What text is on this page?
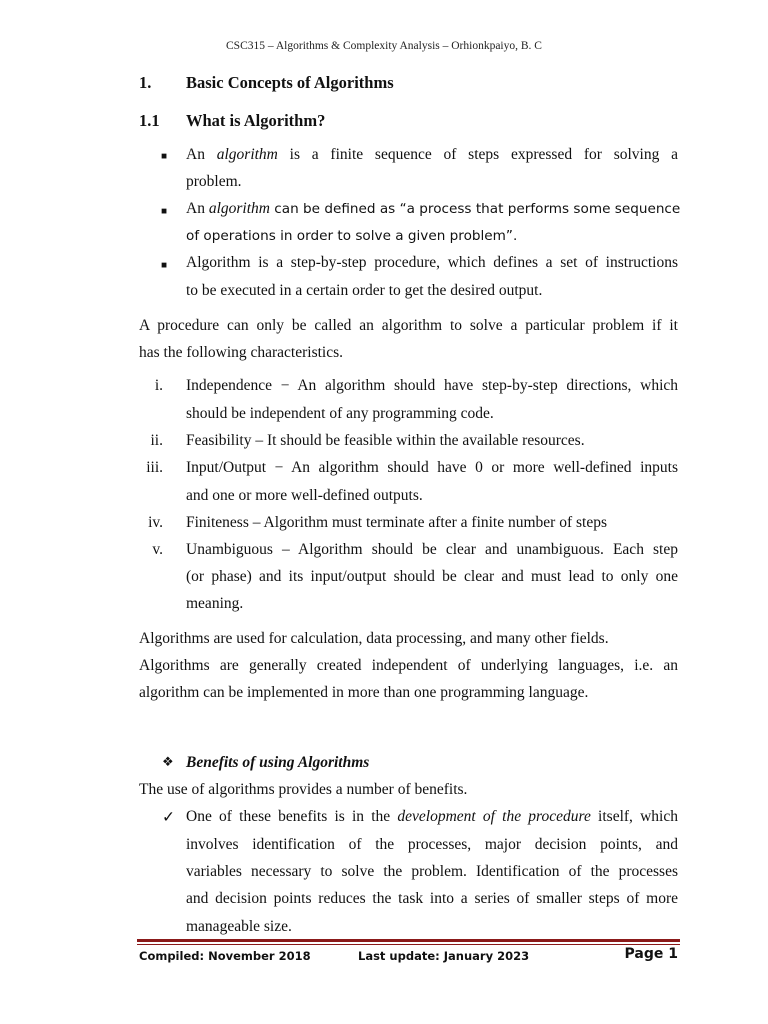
CSC315 – Algorithms & Complexity Analysis – Orhionkpaiyo, B. C
1. Basic Concepts of Algorithms
1.1 What is Algorithm?
■ An algorithm is a finite sequence of steps expressed for solving a
problem.
■ An algorithm can be defined as “a process that performs some sequence
of operations in order to solve a given problem”.
■ Algorithm is a step-by-step procedure, which defines a set of instructions
to be executed in a certain order to get the desired output.
A procedure can only be called an algorithm to solve a particular problem if it
has the following characteristics.
i. Independence − An algorithm should have step-by-step directions, which
should be independent of any programming code.
ii. Feasibility – It should be feasible within the available resources.
iii. Input/Output − An algorithm should have 0 or more well-defined inputs
and one or more well-defined outputs.
iv. Finiteness – Algorithm must terminate after a finite number of steps
v. Unambiguous – Algorithm should be clear and unambiguous. Each step
(or phase) and its input/output should be clear and must lead to only one
meaning.
Algorithms are used for calculation, data processing, and many other fields.
Algorithms are generally created independent of underlying languages, i.e. an
algorithm can be implemented in more than one programming language.
❖ Benefits of using Algorithms
The use of algorithms provides a number of benefits.
✓ One of these benefits is in the development of the procedure itself, which
involves identification of the processes, major decision points, and
variables necessary to solve the problem. Identification of the processes
and decision points reduces the task into a series of smaller steps of more
manageable size.
Compiled: November 2018	Last update: January 2023	Page 1
